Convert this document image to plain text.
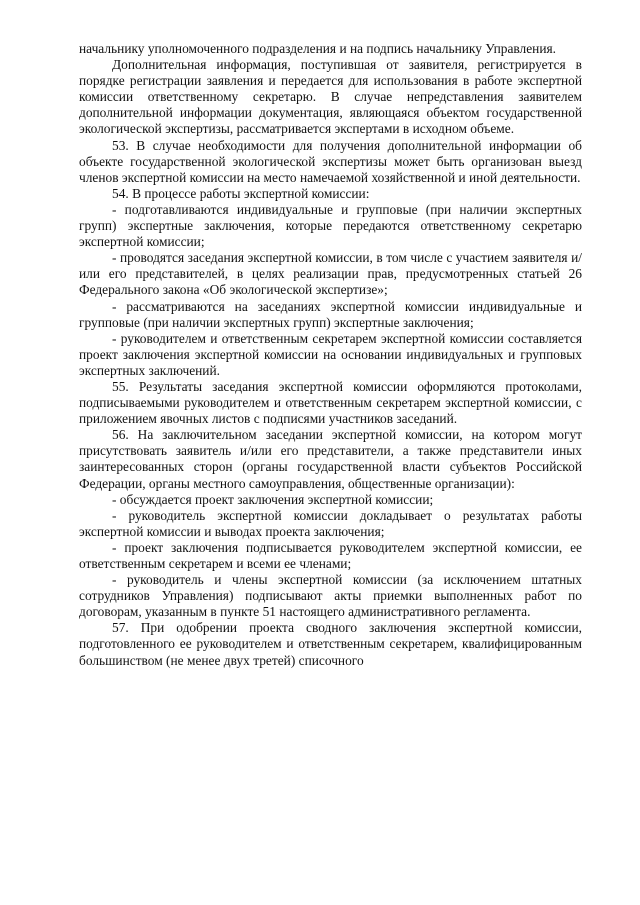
начальнику уполномоченного подразделения и на подпись начальнику Управления.

Дополнительная информация, поступившая от заявителя, регистрируется в порядке регистрации заявления и передается для использования в работе экспертной комиссии ответственному секретарю. В случае непредставления заявителем дополнительной информации документация, являющаяся объектом государственной экологической экспертизы, рассматривается экспертами в исходном объеме.

53. В случае необходимости для получения дополнительной информации об объекте государственной экологической экспертизы может быть организован выезд членов экспертной комиссии на место намечаемой хозяйственной и иной деятельности.

54. В процессе работы экспертной комиссии:

- подготавливаются индивидуальные и групповые (при наличии экспертных групп) экспертные заключения, которые передаются ответственному секретарю экспертной комиссии;

- проводятся заседания экспертной комиссии, в том числе с участием заявителя и/или его представителей, в целях реализации прав, предусмотренных статьей 26 Федерального закона «Об экологической экспертизе»;

- рассматриваются на заседаниях экспертной комиссии индивидуальные и групповые (при наличии экспертных групп) экспертные заключения;

- руководителем и ответственным секретарем экспертной комиссии составляется проект заключения экспертной комиссии на основании индивидуальных и групповых экспертных заключений.

55. Результаты заседания экспертной комиссии оформляются протоколами, подписываемыми руководителем и ответственным секретарем экспертной комиссии, с приложением явочных листов с подписями участников заседаний.

56. На заключительном заседании экспертной комиссии, на котором могут присутствовать заявитель и/или его представители, а также представители иных заинтересованных сторон (органы государственной власти субъектов Российской Федерации, органы местного самоуправления, общественные организации):

- обсуждается проект заключения экспертной комиссии;

- руководитель экспертной комиссии докладывает о результатах работы экспертной комиссии и выводах проекта заключения;

- проект заключения подписывается руководителем экспертной комиссии, ее ответственным секретарем и всеми ее членами;

- руководитель и члены экспертной комиссии (за исключением штатных сотрудников Управления) подписывают акты приемки выполненных работ по договорам, указанным в пункте 51 настоящего административного регламента.

57. При одобрении проекта сводного заключения экспертной комиссии, подготовленного ее руководителем и ответственным секретарем, квалифицированным большинством (не менее двух третей) списочного
